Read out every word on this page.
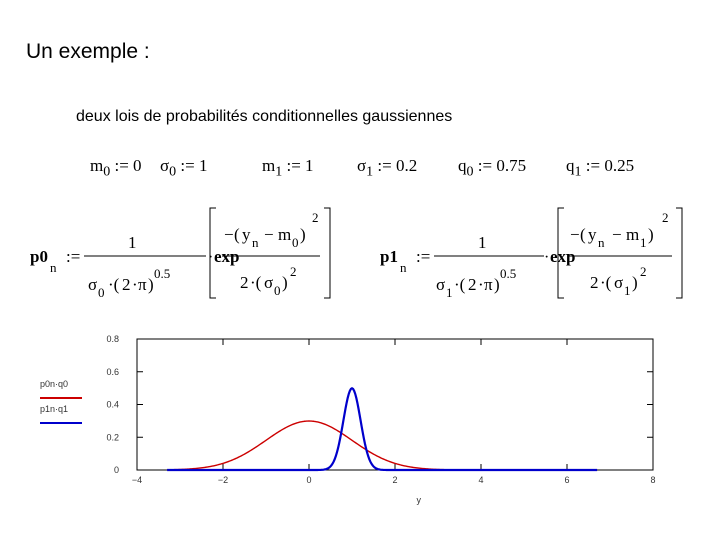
Un exemple :
deux lois de probabilités conditionnelles gaussiennes
$m_0$ := 0 $\sigma_0$ := 1	$m_1$ := 1	$\sigma_1$ := 0.2 $q_0$ := 0.75 $q_1$ := 0.25
p0
n
:=
1
σ 0 ·( 2 · π )
0.5
· exp
− ( y n − m 0 )
2
2 ·( σ 0 )
2
p1
n
:=
1
σ 1 ·( 2 · π )
0.5
· exp
− ( y n − m 1 )
2
2 ·( σ 1 )
2
p0n·q0
p1n·q1
0
0.2
0.4
0.6
0.8
−4	−2	0	2	4	6	8
y
